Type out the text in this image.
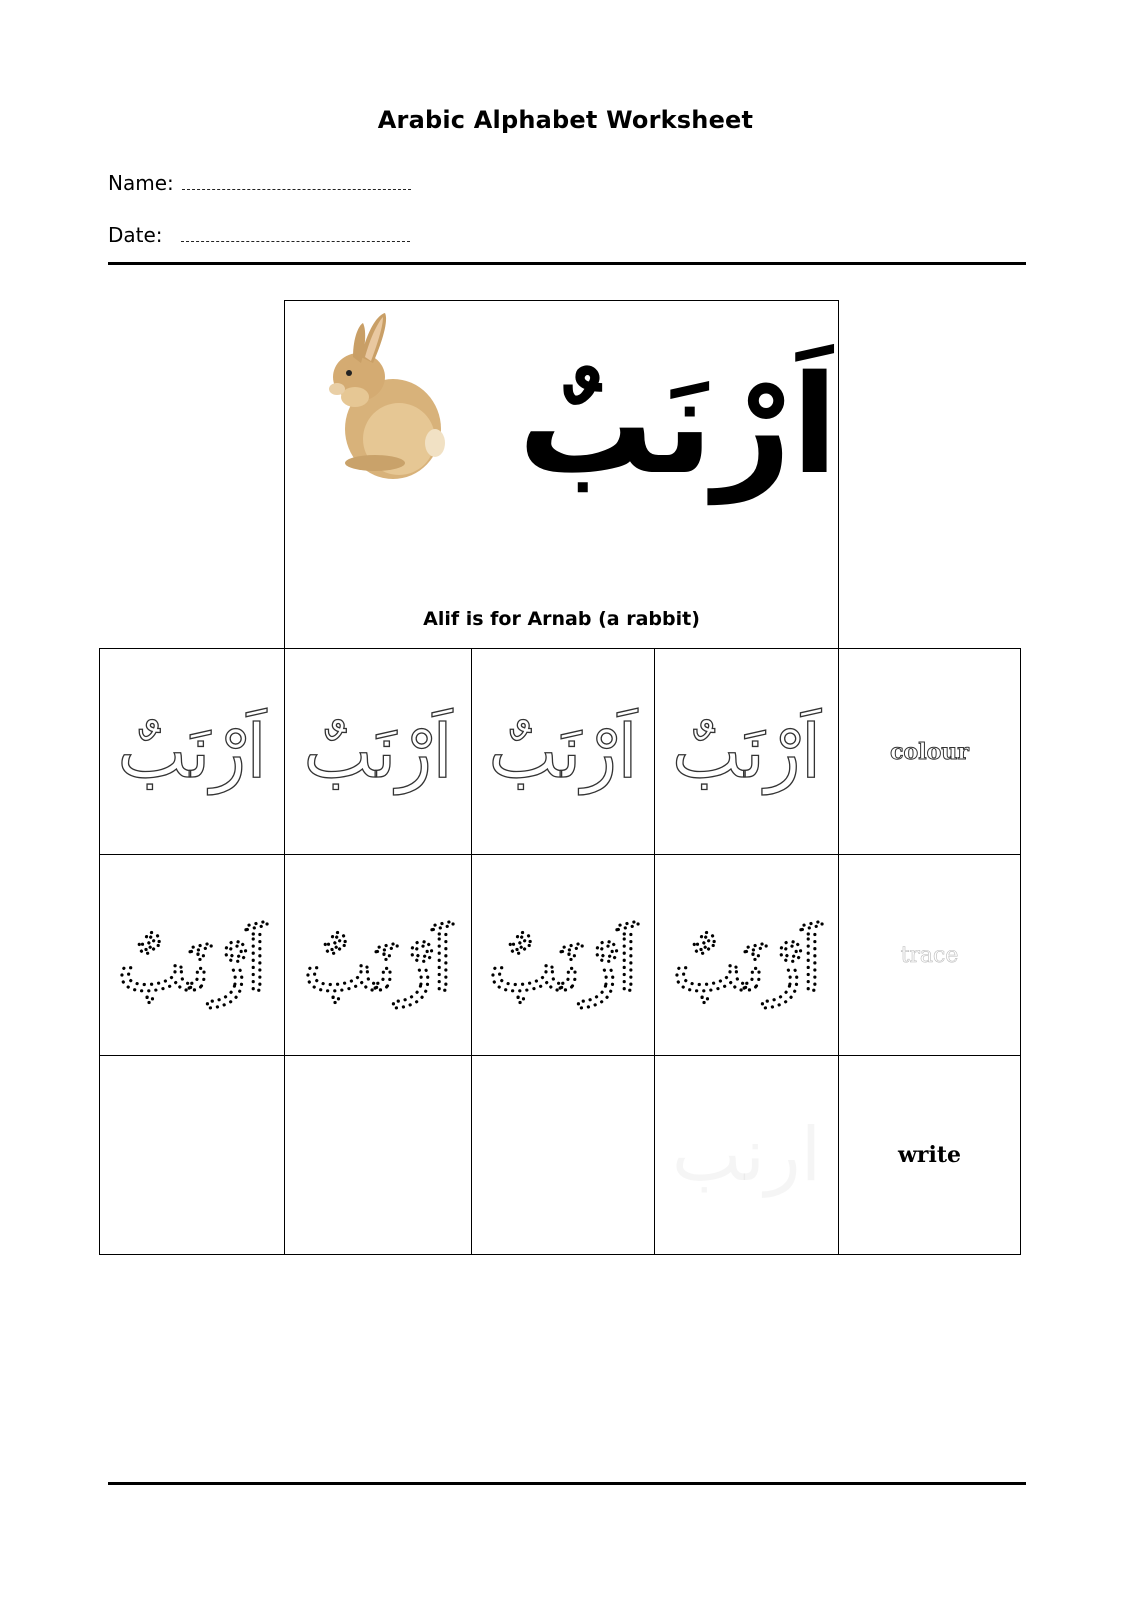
Arabic Alphabet Worksheet
Name:
Date:
اَرْنَبٌ
Alif is for Arnab (a rabbit)
اَرْنَبٌ اَرْنَبٌ اَرْنَبٌ اَرْنَبٌ	colour
اَرْنَبٌ اَرْنَبٌ اَرْنَبٌ اَرْنَبٌ	trace
write
